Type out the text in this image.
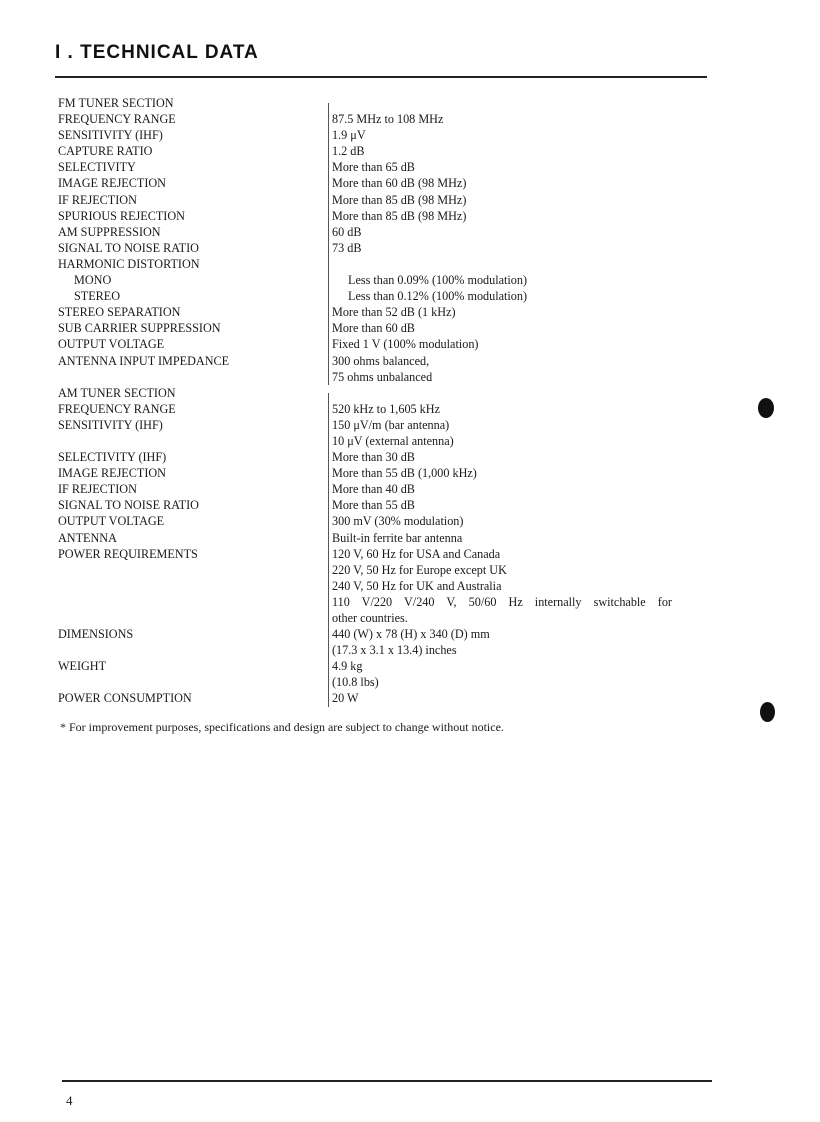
I . TECHNICAL DATA
FM TUNER SECTION
FREQUENCY RANGE	87.5 MHz to 108 MHz
SENSITIVITY (IHF)	1.9 μV
CAPTURE RATIO	1.2 dB
SELECTIVITY	More than 65 dB
IMAGE REJECTION	More than 60 dB (98 MHz)
IF REJECTION	More than 85 dB (98 MHz)
SPURIOUS REJECTION	More than 85 dB (98 MHz)
AM SUPPRESSION	60 dB
SIGNAL TO NOISE RATIO	73 dB
HARMONIC DISTORTION
MONO	Less than 0.09% (100% modulation)
STEREO	Less than 0.12% (100% modulation)
STEREO SEPARATION	More than 52 dB (1 kHz)
SUB CARRIER SUPPRESSION	More than 60 dB
OUTPUT VOLTAGE	Fixed 1 V (100% modulation)
ANTENNA INPUT IMPEDANCE	300 ohms balanced,
75 ohms unbalanced
AM TUNER SECTION
FREQUENCY RANGE	520 kHz to 1,605 kHz
SENSITIVITY (IHF)	150 μV/m (bar antenna)
10 μV (external antenna)
SELECTIVITY (IHF)	More than 30 dB
IMAGE REJECTION	More than 55 dB (1,000 kHz)
IF REJECTION	More than 40 dB
SIGNAL TO NOISE RATIO	More than 55 dB
OUTPUT VOLTAGE	300 mV (30% modulation)
ANTENNA	Built-in ferrite bar antenna
POWER REQUIREMENTS	120 V, 60 Hz for USA and Canada
220 V, 50 Hz for Europe except UK
240 V, 50 Hz for UK and Australia
110 V/220 V/240 V, 50/60 Hz internally switchable for
other countries.
DIMENSIONS	440 (W) x 78 (H) x 340 (D) mm
(17.3 x 3.1 x 13.4) inches
WEIGHT	4.9 kg
(10.8 lbs)
POWER CONSUMPTION	20 W
* For improvement purposes, specifications and design are subject to change without notice.
4
